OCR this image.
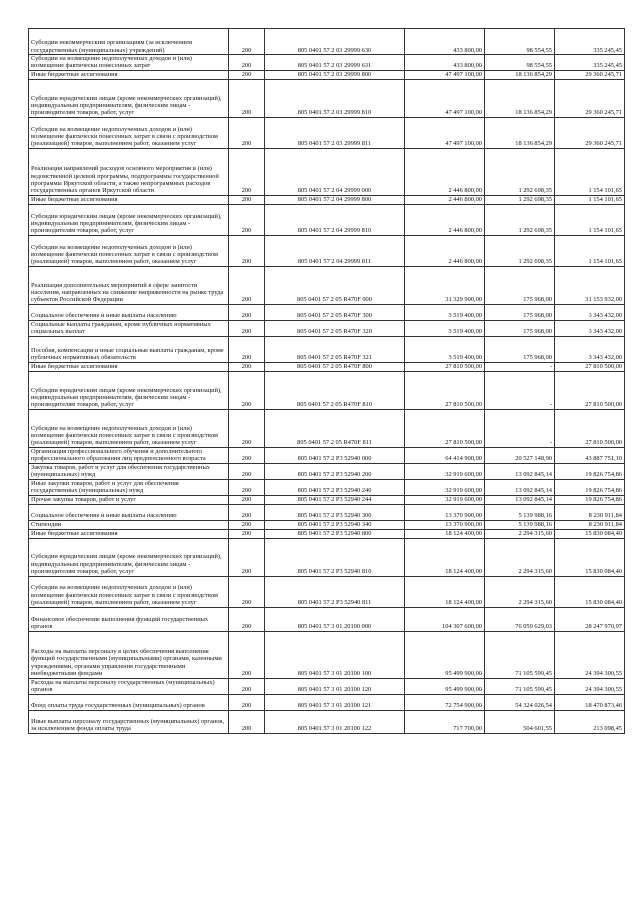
Субсидии некоммерческим организациям (за исключением государственных (муниципальных) учреждений)	200	805 0401 57 2 03 29999 630	433 800,00	98 554,55	335 245,45
Субсидии на возмещение недополученных доходов и (или) возмещение фактически понесенных затрат	200	805 0401 57 2 03 29999 631	433 800,00	98 554,55	335 245,45
Иные бюджетные ассигнования	200	805 0401 57 2 03 29999 800	47 497 100,00	18 136 854,29	29 360 245,71
Субсидии юридическим лицам (кроме некоммерческих организаций), индивидуальным предпринимателям, физическим лицам - производителям товаров, работ, услуг	200	805 0401 57 2 03 29999 810	47 497 100,00	18 136 854,29	29 360 245,71
Субсидии на возмещение недополученных доходов и (или) возмещение фактически понесенных затрат в связи с производством (реализацией) товаров, выполнением работ, оказанием услуг	200	805 0401 57 2 03 29999 811	47 497 100,00	18 136 854,29	29 360 245,71
Реализация направлений расходов основного мероприятия и (или) ведомственной целевой программы, подпрограммы государственной программы Иркутской области, а также непрограммных расходов государственных органов Иркутской области	200	805 0401 57 2 04 29999 000	2 446 800,00	1 292 698,35	1 154 101,65
Иные бюджетные ассигнования	200	805 0401 57 2 04 29999 800	2 446 800,00	1 292 698,35	1 154 101,65
Субсидии юридическим лицам (кроме некоммерческих организаций), индивидуальным предпринимателям, физическим лицам - производителям товаров, работ, услуг	200	805 0401 57 2 04 29999 810	2 446 800,00	1 292 698,35	1 154 101,65
Субсидии на возмещение недополученных доходов и (или) возмещение фактически понесенных затрат в связи с производством (реализацией) товаров, выполнением работ, оказанием услуг	200	805 0401 57 2 04 29999 811	2 446 800,00	1 292 698,35	1 154 101,65
Реализация дополнительных мероприятий в сфере занятости населения, направленных на снижение напряженности на рынке труда субъектов Российской Федерации	200	805 0401 57 2 05 R470F 000	31 329 900,00	175 968,00	31 153 932,00
Социальное обеспечение и иные выплаты населению	200	805 0401 57 2 05 R470F 300	3 519 400,00	175 968,00	3 343 432,00
Социальные выплаты гражданам, кроме публичных нормативных социальных выплат	200	805 0401 57 2 05 R470F 320	3 519 400,00	175 968,00	3 343 432,00
Пособия, компенсации и иные социальные выплаты гражданам, кроме публичных нормативных обязательств	200	805 0401 57 2 05 R470F 321	3 519 400,00	175 968,00	3 343 432,00
Иные бюджетные ассигнования	200	805 0401 57 2 05 R470F 800	27 810 500,00	-	27 810 500,00
Субсидии юридическим лицам (кроме некоммерческих организаций), индивидуальным предпринимателям, физическим лицам - производителям товаров, работ, услуг	200	805 0401 57 2 05 R470F 810	27 810 500,00	-	27 810 500,00
Субсидии на возмещение недополученных доходов и (или) возмещение фактически понесенных затрат в связи с производством (реализацией) товаров, выполнением работ, оказанием услуг	200	805 0401 57 2 05 R470F 811	27 810 500,00	-	27 810 500,00
Организация профессионального обучения и дополнительного профессионального образования лиц предпенсионного возраста	200	805 0401 57 2 P3 52940 000	64 414 900,00	20 527 148,90	43 887 751,10
Закупка товаров, работ и услуг для обеспечения государственных (муниципальных) нужд	200	805 0401 57 2 P3 52940 200	32 919 600,00	13 092 845,14	19 826 754,86
Иные закупки товаров, работ и услуг для обеспечения государственных (муниципальных) нужд	200	805 0401 57 2 P3 52940 240	32 919 600,00	13 092 845,14	19 826 754,86
Прочая закупка товаров, работ и услуг	200	805 0401 57 2 P3 52940 244	32 919 600,00	13 092 845,14	19 826 754,86
Социальное обеспечение и иные выплаты населению	200	805 0401 57 2 P3 52940 300	13 370 900,00	5 139 988,16	8 230 911,84
Стипендии	200	805 0401 57 2 P3 52940 340	13 370 900,00	5 139 988,16	8 230 911,84
Иные бюджетные ассигнования	200	805 0401 57 2 P3 52940 800	18 124 400,00	2 294 315,60	15 830 084,40
Субсидии юридическим лицам (кроме некоммерческих организаций), индивидуальным предпринимателям, физическим лицам - производителям товаров, работ, услуг	200	805 0401 57 2 P3 52940 810	18 124 400,00	2 294 315,60	15 830 084,40
Субсидии на возмещение недополученных доходов и (или) возмещение фактически понесенных затрат в связи с производством (реализацией) товаров, выполнением работ, оказанием услуг	200	805 0401 57 2 P3 52940 811	18 124 400,00	2 294 315,60	15 830 084,40
Финансовое обеспечение выполнения функций государственных органов	200	805 0401 57 3 01 20100 000	104 307 600,00	76 059 629,03	28 247 970,97
Расходы на выплаты персоналу в целях обеспечения выполнения функций государственными (муниципальными) органами, казенными учреждениями, органами управления государственными внебюджетными фондами	200	805 0401 57 3 01 20100 100	95 499 900,00	71 105 599,45	24 394 300,55
Расходы на выплаты персоналу государственных (муниципальных) органов	200	805 0401 57 3 01 20100 120	95 499 900,00	71 105 599,45	24 394 300,55
Фонд оплаты труда государственных (муниципальных) органов	200	805 0401 57 3 01 20100 121	72 754 900,00	54 324 026,54	18 470 873,46
Иные выплаты персоналу государственных (муниципальных) органов, за исключением фонда оплаты труда	200	805 0401 57 3 01 20100 122	717 700,00	504 601,55	213 098,45
